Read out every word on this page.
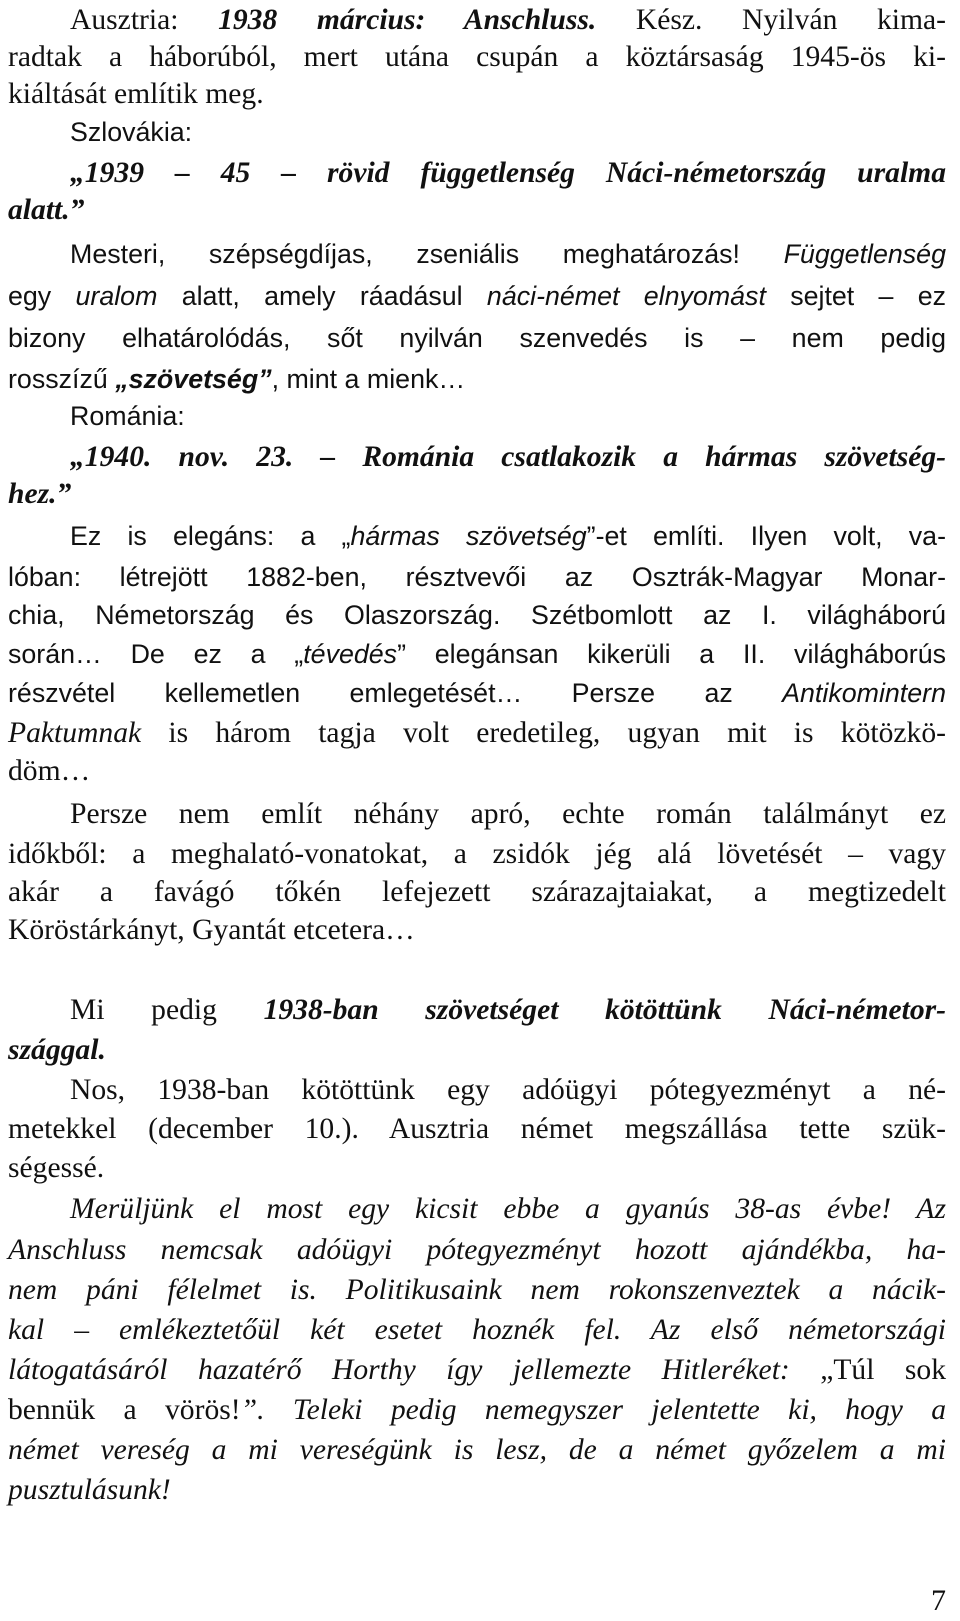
Ausztria: 1938 március: Anschluss. Kész. Nyilván kima-
radtak a háborúból, mert utána csupán a köztársaság 1945-ös ki-
kiáltását említik meg.
Szlovákia:
„1939 – 45 – rövid függetlenség Náci-németország uralma
alatt.”
Mesteri, szépségdíjas, zseniális meghatározás! Függetlenség
egy uralom alatt, amely ráadásul náci-német elnyomást sejtet – ez
bizony elhatárolódás, sőt nyilván szenvedés is – nem pedig
rosszízű „szövetség”, mint a mienk…
Románia:
„1940. nov. 23. – Románia csatlakozik a hármas szövetség-
hez.”
Ez is elegáns: a „hármas szövetség”-et említi. Ilyen volt, va-
lóban: létrejött 1882-ben, résztvevői az Osztrák-Magyar Monar-
chia, Németország és Olaszország. Szétbomlott az I. világháború
során… De ez a „tévedés” elegánsan kikerüli a II. világháborús
részvétel kellemetlen emlegetését… Persze az Antikomintern
Paktumnak is három tagja volt eredetileg, ugyan mit is kötözkö-
döm…
Persze nem említ néhány apró, echte román találmányt ez
időkből: a meghalató-vonatokat, a zsidók jég alá lövetését – vagy
akár a favágó tőkén lefejezett szárazajtaiakat, a megtizedelt
Köröstárkányt, Gyantát etcetera…
Mi pedig 1938-ban szövetséget kötöttünk Náci-németor-
szággal.
Nos, 1938-ban kötöttünk egy adóügyi pótegyezményt a né-
metekkel (december 10.). Ausztria német megszállása tette szük-
ségessé.
Merüljünk el most egy kicsit ebbe a gyanús 38-as évbe! Az
Anschluss nemcsak adóügyi pótegyezményt hozott ajándékba, ha-
nem páni félelmet is. Politikusaink nem rokonszenveztek a nácik-
kal – emlékeztetőül két esetet hoznék fel. Az első németországi
látogatásáról hazatérő Horthy így jellemezte Hitleréket: „Túl sok
bennük a vörös!”. Teleki pedig nemegyszer jelentette ki, hogy a
német vereség a mi vereségünk is lesz, de a német győzelem a mi
pusztulásunk!
7
